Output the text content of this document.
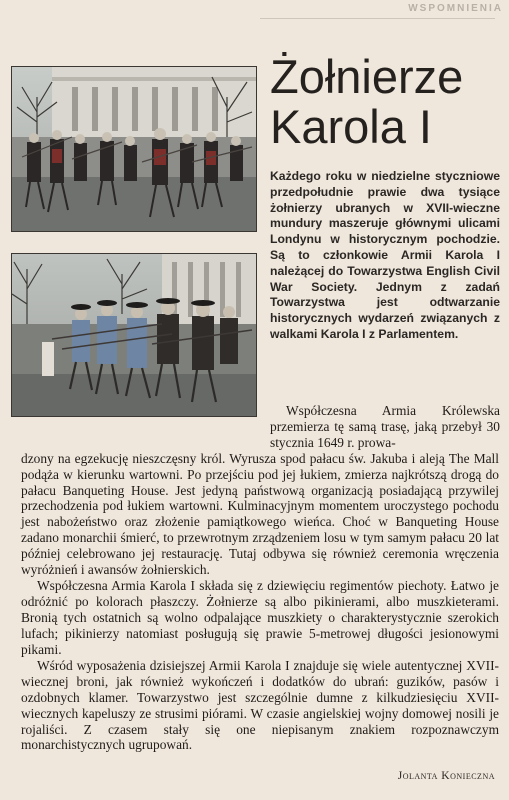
WSPOMNIENIA
Żołnierze
Karola I

Każdego roku w niedzielne styczniowe przedpołudnie prawie dwa tysiące żołnierzy ubranych w XVII-wieczne mundury maszeruje głównymi ulicami Londynu w historycznym pochodzie. Są to członkowie Armii Karola I należącej do Towarzystwa English Civil War Society. Jednym z zadań Towarzystwa jest odtwarzanie historycznych wydarzeń związanych z walkami Karola I z Parlamentem.

Współczesna Armia Królewska przemierza tę samą trasę, jaką przebył 30 stycznia 1649 r. prowa-

dzony na egzekucję nieszczęsny król. Wyrusza spod pałacu św. Jakuba i aleją The Mall podąża w kierunku wartowni. Po przejściu pod jej łukiem, zmierza najkrótszą drogą do pałacu Banqueting House. Jest jedyną państwową organizacją posiadającą przywilej przechodzenia pod łukiem wartowni. Kulminacyjnym momentem uroczystego pochodu jest nabożeństwo oraz złożenie pamiątkowego wieńca. Choć w Banqueting House zadano monarchii śmierć, to przewrotnym zrządzeniem losu w tym samym pałacu 20 lat później celebrowano jej restaurację. Tutaj odbywa się również ceremonia wręczenia wyróżnień i awansów żołnierskich.

Współczesna Armia Karola I składa się z dziewięciu regimentów piechoty. Łatwo je odróżnić po kolorach płaszczy. Żołnierze są albo pikinierami, albo muszkieterami. Bronią tych ostatnich są wolno odpalające muszkiety o charakterystycznie szerokich lufach; pikinierzy natomiast posługują się prawie 5-metrowej długości jesionowymi pikami.

Wśród wyposażenia dzisiejszej Armii Karola I znajduje się wiele autentycznej XVII-wiecznej broni, jak również wykończeń i dodatków do ubrań: guzików, pasów i ozdobnych klamer. Towarzystwo jest szczególnie dumne z kilkudziesięciu XVII-wiecznych kapeluszy ze strusimi piórami. W czasie angielskiej wojny domowej nosili je rojaliści. Z czasem stały się one niepisanym znakiem rozpoznawczym monarchistycznych ugrupowań.

Jolanta Konieczna
